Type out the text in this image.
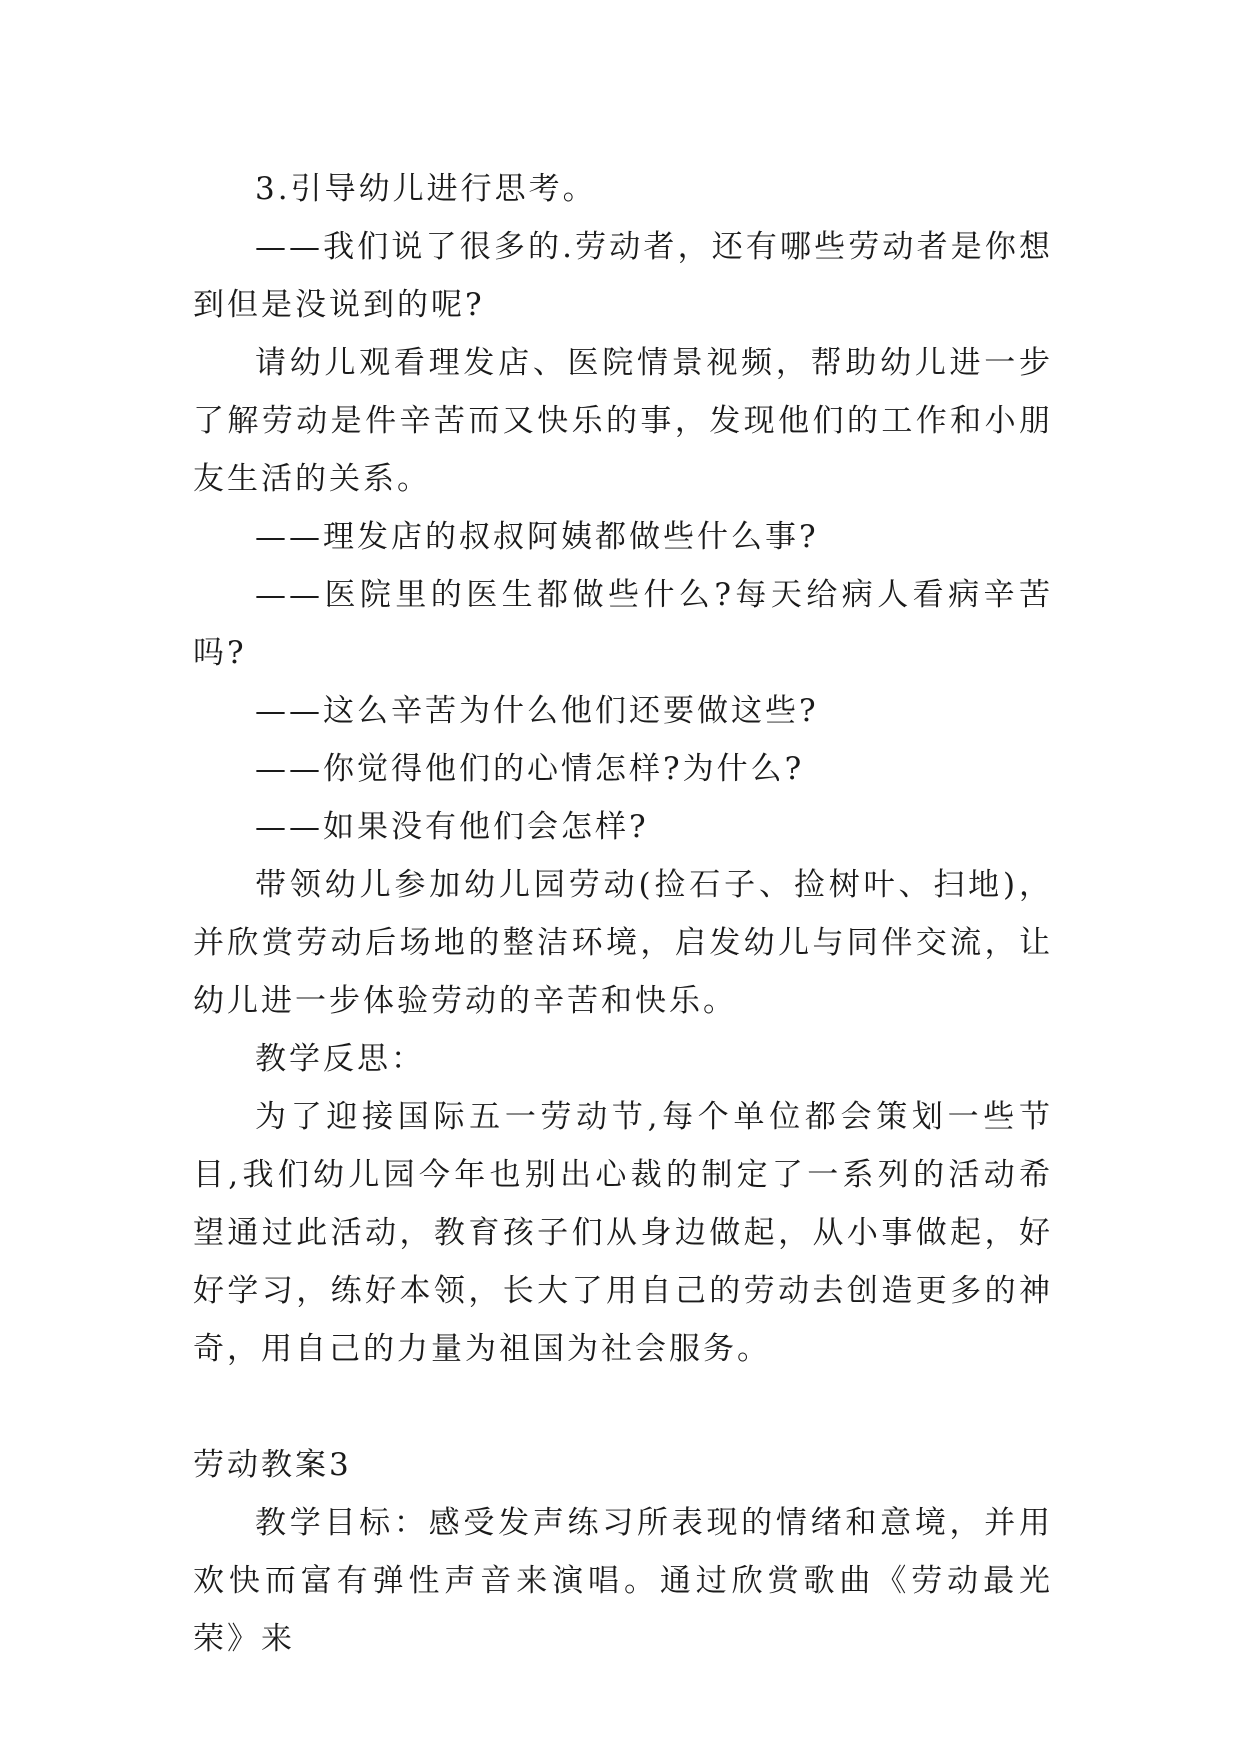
3.引导幼儿进行思考。

——我们说了很多的.劳动者，还有哪些劳动者是你想到但是没说到的呢?

请幼儿观看理发店、医院情景视频，帮助幼儿进一步了解劳动是件辛苦而又快乐的事，发现他们的工作和小朋友生活的关系。

——理发店的叔叔阿姨都做些什么事?

——医院里的医生都做些什么?每天给病人看病辛苦吗?

——这么辛苦为什么他们还要做这些?

——你觉得他们的心情怎样?为什么?

——如果没有他们会怎样?

带领幼儿参加幼儿园劳动(捡石子、捡树叶、扫地)，并欣赏劳动后场地的整洁环境，启发幼儿与同伴交流，让幼儿进一步体验劳动的辛苦和快乐。

教学反思：

为了迎接国际五一劳动节,每个单位都会策划一些节目,我们幼儿园今年也别出心裁的制定了一系列的活动希望通过此活动，教育孩子们从身边做起，从小事做起，好好学习，练好本领，长大了用自己的劳动去创造更多的神奇，用自己的力量为祖国为社会服务。

劳动教案3

教学目标：感受发声练习所表现的情绪和意境，并用欢快而富有弹性声音来演唱。通过欣赏歌曲《劳动最光荣》来
